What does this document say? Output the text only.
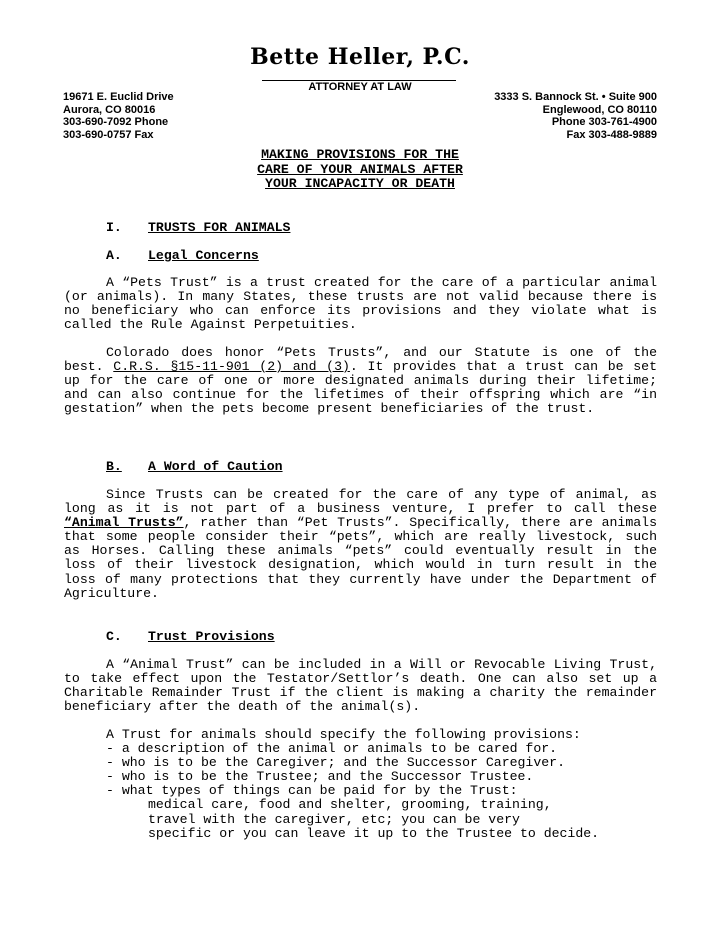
Bette Heller, P.C.
ATTORNEY AT LAW
19671 E. Euclid Drive
Aurora, CO 80016
303-690-7092 Phone
303-690-0757 Fax
3333 S. Bannock St. • Suite 900
Englewood, CO 80110
Phone 303-761-4900
Fax 303-488-9889
MAKING PROVISIONS FOR THE
CARE OF YOUR ANIMALS AFTER
YOUR INCAPACITY OR DEATH
I. TRUSTS FOR ANIMALS
A. Legal Concerns

A “Pets Trust” is a trust created for the care of a particular animal (or animals). In many States, these trusts are not valid because there is no beneficiary who can enforce its provisions and they violate what is called the Rule Against Perpetuities.

Colorado does honor “Pets Trusts”, and our Statute is one of the best. C.R.S. §15-11-901 (2) and (3). It provides that a trust can be set up for the care of one or more designated animals during their lifetime; and can also continue for the lifetimes of their offspring which are “in gestation” when the pets become present beneficiaries of the trust.

B. A Word of Caution

Since Trusts can be created for the care of any type of animal, as long as it is not part of a business venture, I prefer to call these “Animal Trusts”, rather than “Pet Trusts”. Specifically, there are animals that some people consider their “pets”, which are really livestock, such as Horses. Calling these animals “pets” could eventually result in the loss of their livestock designation, which would in turn result in the loss of many protections that they currently have under the Department of Agriculture.

C. Trust Provisions

A “Animal Trust” can be included in a Will or Revocable Living Trust, to take effect upon the Testator/Settlor’s death. One can also set up a Charitable Remainder Trust if the client is making a charity the remainder beneficiary after the death of the animal(s).

A Trust for animals should specify the following provisions:
- a description of the animal or animals to be cared for.
- who is to be the Caregiver; and the Successor Caregiver.
- who is to be the Trustee; and the Successor Trustee.
- what types of things can be paid for by the Trust:
medical care, food and shelter, grooming, training,
travel with the caregiver, etc; you can be very
specific or you can leave it up to the Trustee to decide.
